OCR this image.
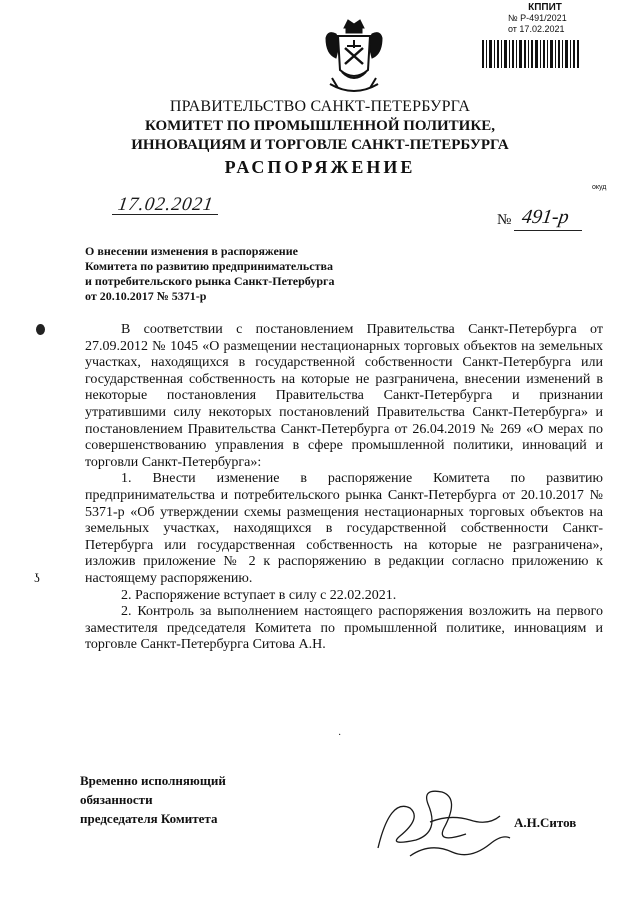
КППИТ
№ Р-491/2021
от 17.02.2021
ПРАВИТЕЛЬСТВО САНКТ-ПЕТЕРБУРГА
КОМИТЕТ ПО ПРОМЫШЛЕННОЙ ПОЛИТИКЕ,
ИННОВАЦИЯМ И ТОРГОВЛЕ САНКТ-ПЕТЕРБУРГА
РАСПОРЯЖЕНИЕ
окуд
17.02.2021
№ 491-р
О внесении изменения в распоряжение
Комитета по развитию предпринимательства
и потребительского рынка Санкт-Петербурга
от 20.10.2017 № 5371-р
ʖ
·

В соответствии с постановлением Правительства Санкт-Петербурга от 27.09.2012 № 1045 «О размещении нестационарных торговых объектов на земельных участках, находящихся в государственной собственности Санкт-Петербурга или государственная собственность на которые не разграничена, внесении изменений в некоторые постановления Правительства Санкт-Петербурга и признании утратившими силу некоторых постановлений Правительства Санкт-Петербурга» и постановлением Правительства Санкт-Петербурга от 26.04.2019 № 269 «О мерах по совершенствованию управления в сфере промышленной политики, инноваций и торговли Санкт-Петербурга»:

1. Внести изменение в распоряжение Комитета по развитию предпринимательства и потребительского рынка Санкт-Петербурга от 20.10.2017 № 5371-р «Об утверждении схемы размещения нестационарных торговых объектов на земельных участках, находящихся в государственной собственности Санкт-Петербурга или государственная собственность на которые не разграничена», изложив приложение № 2 к распоряжению в редакции согласно приложению к настоящему распоряжению.

2. Распоряжение вступает в силу с 22.02.2021.

2. Контроль за выполнением настоящего распоряжения возложить на первого заместителя председателя Комитета по промышленной политике, инновациям и торговле Санкт-Петербурга Ситова А.Н.

Временно исполняющий
обязанности
председателя Комитета	А.Н.Ситов
